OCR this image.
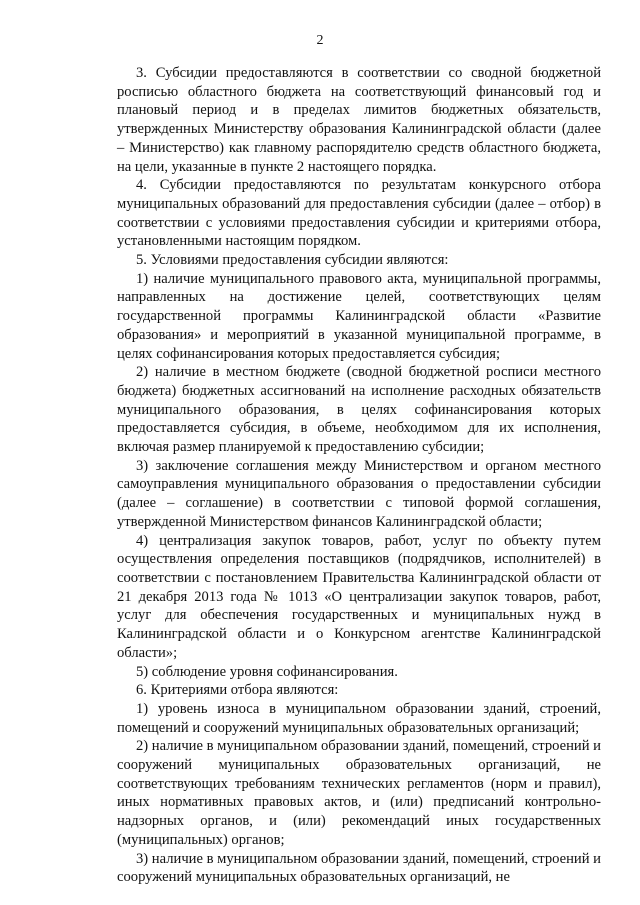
2

3. Субсидии предоставляются в соответствии со сводной бюджетной росписью областного бюджета на соответствующий финансовый год и плановый период и в пределах лимитов бюджетных обязательств, утвержденных Министерству образования Калининградской области (далее – Министерство) как главному распорядителю средств областного бюджета, на цели, указанные в пункте 2 настоящего порядка.

4. Субсидии предоставляются по результатам конкурсного отбора муниципальных образований для предоставления субсидии (далее – отбор) в соответствии с условиями предоставления субсидии и критериями отбора, установленными настоящим порядком.

5. Условиями предоставления субсидии являются:

1) наличие муниципального правового акта, муниципальной программы, направленных на достижение целей, соответствующих целям государственной программы Калининградской области «Развитие образования» и мероприятий в указанной муниципальной программе, в целях софинансирования которых предоставляется субсидия;

2) наличие в местном бюджете (сводной бюджетной росписи местного бюджета) бюджетных ассигнований на исполнение расходных обязательств муниципального образования, в целях софинансирования которых предоставляется субсидия, в объеме, необходимом для их исполнения, включая размер планируемой к предоставлению субсидии;

3) заключение соглашения между Министерством и органом местного самоуправления муниципального образования о предоставлении субсидии (далее – соглашение) в соответствии с типовой формой соглашения, утвержденной Министерством финансов Калининградской области;

4) централизация закупок товаров, работ, услуг по объекту путем осуществления определения поставщиков (подрядчиков, исполнителей) в соответствии с постановлением Правительства Калининградской области от 21 декабря 2013 года № 1013 «О централизации закупок товаров, работ, услуг для обеспечения государственных и муниципальных нужд в Калининградской области и о Конкурсном агентстве Калининградской области»;

5) соблюдение уровня софинансирования.

6. Критериями отбора являются:

1) уровень износа в муниципальном образовании зданий, строений, помещений и сооружений муниципальных образовательных организаций;

2) наличие в муниципальном образовании зданий, помещений, строений и сооружений муниципальных образовательных организаций, не соответствующих требованиям технических регламентов (норм и правил), иных нормативных правовых актов, и (или) предписаний контрольно-надзорных органов, и (или) рекомендаций иных государственных (муниципальных) органов;

3) наличие в муниципальном образовании зданий, помещений, строений и сооружений муниципальных образовательных организаций, не
